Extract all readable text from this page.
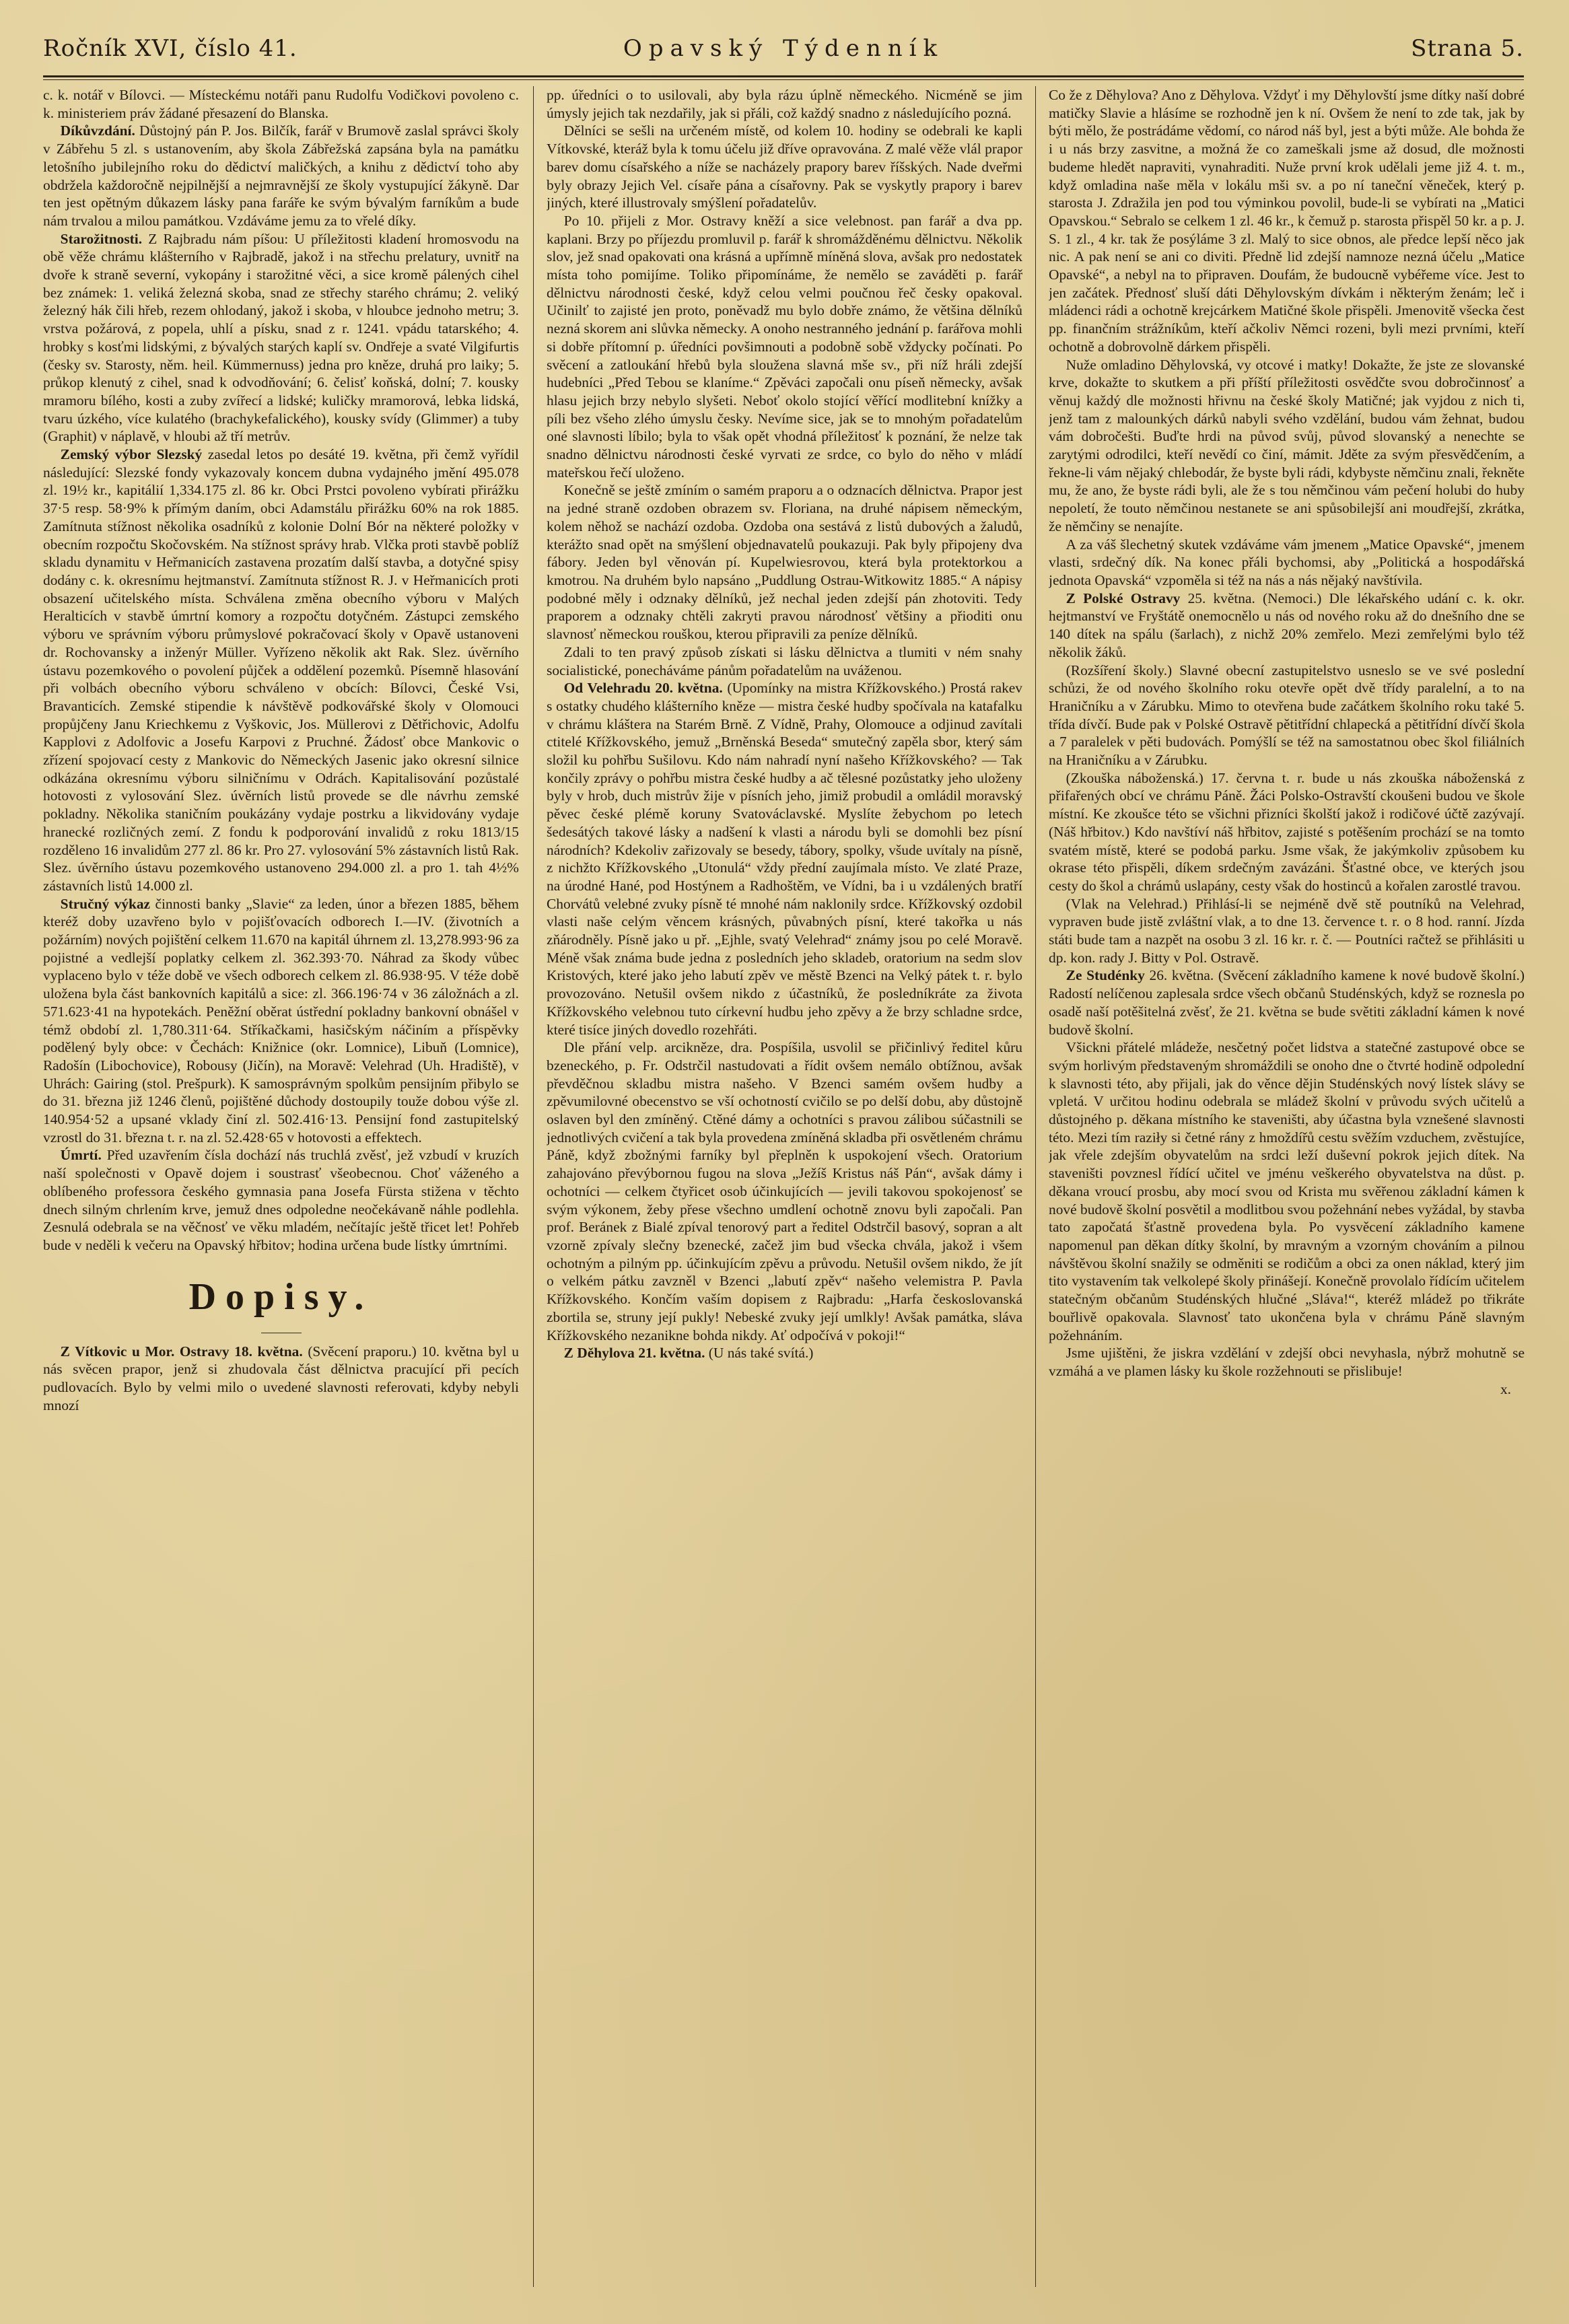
Ročník XVI, číslo 41.	Opavský Týdenník	Strana 5.

c. k. notář v Bílovci. — Místeckému notáři panu Rudolfu Vodičkovi povoleno c. k. ministeriem práv žádané přesazení do Blanska.

Díkůvzdání. Důstojný pán P. Jos. Bilčík, farář v Brumově zaslal správci školy v Zábřehu 5 zl. s ustanovením, aby škola Zábřežská zapsána byla na památku letošního jubilejního roku do dědictví maličkých, a knihu z dědictví toho aby obdržela každoročně nejpilnější a nejmravnější ze školy vystupující žákyně. Dar ten jest opětným důkazem lásky pana faráře ke svým bývalým farníkům a bude nám trvalou a milou památkou. Vzdáváme jemu za to vřelé díky.

Starožitnosti. Z Rajbradu nám píšou: U příležitosti kladení hromosvodu na obě věže chrámu klášterního v Rajbradě, jakož i na střechu prelatury, uvnitř na dvoře k straně severní, vykopány i starožitné věci, a sice kromě pálených cihel bez známek: 1. veliká železná skoba, snad ze střechy starého chrámu; 2. veliký železný hák čili hřeb, rezem ohlodaný, jakož i skoba, v hloubce jednoho metru; 3. vrstva požárová, z popela, uhlí a písku, snad z r. 1241. vpádu tatarského; 4. hrobky s kosťmi lidskými, z bývalých starých kaplí sv. Ondřeje a svaté Vilgifurtis (česky sv. Starosty, něm. heil. Kümmernuss) jedna pro kněze, druhá pro laiky; 5. průkop klenutý z cihel, snad k odvodňování; 6. čelisť koňská, dolní; 7. kousky mramoru bílého, kosti a zuby zvířecí a lidské; kuličky mramorová, lebka lidská, tvaru úzkého, více kulatého (brachykefalického), kousky svídy (Glimmer) a tuby (Graphit) v náplavě, v hloubi až tří metrův.

Zemský výbor Slezský zasedal letos po desáté 19. května, při čemž vyřídil následující: Slezské fondy vykazovaly koncem dubna vydajného jmění 495.078 zl. 19½ kr., kapitálií 1,334.175 zl. 86 kr. Obci Prstci povoleno vybírati přirážku 37·5 resp. 58·9% k přímým daním, obci Adamstálu přirážku 60% na rok 1885. Zamítnuta stížnost několika osadníků z kolonie Dolní Bór na některé položky v obecním rozpočtu Skočovském. Na stížnost správy hrab. Vlčka proti stavbě poblíž skladu dynamitu v Heřmanicích zastavena prozatím další stavba, a dotyčné spisy dodány c. k. okresnímu hejtmanství. Zamítnuta stížnost R. J. v Heřmanicích proti obsazení učitelského místa. Schválena změna obecního výboru v Malých Heralticích v stavbě úmrtní komory a rozpočtu dotyčném. Zástupci zemského výboru ve správním výboru průmyslové pokračovací školy v Opavě ustanoveni dr. Rochovansky a inženýr Müller. Vyřízeno několik akt Rak. Slez. úvěrního ústavu pozemkového o povolení půjček a oddělení pozemků. Písemně hlasování při volbách obecního výboru schváleno v obcích: Bílovci, České Vsi, Bravanticích. Zemské stipendie k návštěvě podkovářské školy v Olomouci propůjčeny Janu Kriechkemu z Vyškovic, Jos. Müllerovi z Dětřichovic, Adolfu Kapplovi z Adolfovic a Josefu Karpovi z Pruchné. Žádosť obce Mankovic o zřízení spojovací cesty z Mankovic do Německých Jasenic jako okresní silnice odkázána okresnímu výboru silničnímu v Odrách. Kapitalisování pozůstalé hotovosti z vylosování Slez. úvěrních listů provede se dle návrhu zemské pokladny. Několika staničním poukázány vydaje postrku a likvidovány vydaje hranecké rozličných zemí. Z fondu k podporování invalidů z roku 1813/15 rozděleno 16 invalidům 277 zl. 86 kr. Pro 27. vylosování 5% zástavních listů Rak. Slez. úvěrního ústavu pozemkového ustanoveno 294.000 zl. a pro 1. tah 4½% zástavních listů 14.000 zl.

Stručný výkaz činnosti banky „Slavie“ za leden, únor a březen 1885, během kteréž doby uzavřeno bylo v pojišťovacích odborech I.—IV. (životních a požárním) nových pojištění celkem 11.670 na kapitál úhrnem zl. 13,278.993·96 za pojistné a vedlejší poplatky celkem zl. 362.393·70. Náhrad za škody vůbec vyplaceno bylo v téže době ve všech odborech celkem zl. 86.938·95. V téže době uložena byla část bankovních kapitálů a sice: zl. 366.196·74 v 36 záložnách a zl. 571.623·41 na hypotekách. Peněžní oběrat ústřední pokladny bankovní obnášel v témž období zl. 1,780.311·64. Stříkačkami, hasičským náčiním a příspěvky podělený byly obce: v Čechách: Knižnice (okr. Lomnice), Libuň (Lomnice), Radošín (Libochovice), Robousy (Jičín), na Moravě: Velehrad (Uh. Hradiště), v Uhrách: Gairing (stol. Prešpurk). K samosprávným spolkům pensijním přibylo se do 31. března již 1246 členů, pojištěné důchody dostoupily touže dobou výše zl. 140.954·52 a upsané vklady činí zl. 502.416·13. Pensijní fond zastupitelský vzrostl do 31. března t. r. na zl. 52.428·65 v hotovosti a effektech.

Úmrtí. Před uzavřením čísla dochází nás truchlá zvěsť, jež vzbudí v kruzích naší společnosti v Opavě dojem i soustrasť všeobecnou. Choť váženého a oblíbeného professora českého gymnasia pana Josefa Fürsta stižena v těchto dnech silným chrlením krve, jemuž dnes odpoledne neočekávaně náhle podlehla. Zesnulá odebrala se na věčnosť ve věku mladém, nečítajíc ještě třicet let! Pohřeb bude v neděli k večeru na Opavský hřbitov; hodina určena bude lístky úmrtními.

Dopisy.

Z Vítkovic u Mor. Ostravy 18. května. (Svěcení praporu.) 10. května byl u nás svěcen prapor, jenž si zhudovala část dělnictva pracující při pecích pudlovacích. Bylo by velmi milo o uvedené slavnosti referovati, kdyby nebyli mnozí

pp. úředníci o to usilovali, aby byla rázu úplně německého. Nicméně se jim úmysly jejich tak nezdařily, jak si přáli, což každý snadno z následujícího pozná.

Dělníci se sešli na určeném místě, od kolem 10. hodiny se odebrali ke kapli Vítkovské, kteráž byla k tomu účelu již dříve opravována. Z malé věže vlál prapor barev domu císařského a níže se nacházely prapory barev říšských. Nade dveřmi byly obrazy Jejich Vel. císaře pána a císařovny. Pak se vyskytly prapory i barev jiných, které illustrovaly smýšlení pořadatelův.

Po 10. přijeli z Mor. Ostravy kněží a sice velebnost. pan farář a dva pp. kaplani. Brzy po příjezdu promluvil p. farář k shromážděnému dělnictvu. Několik slov, jež snad opakovati ona krásná a upřímně míněná slova, avšak pro nedostatek místa toho pomijíme. Toliko připomínáme, že nemělo se zaváděti p. farář dělnictvu národnosti české, když celou velmi poučnou řeč česky opakoval. Učinilť to zajisté jen proto, poněvadž mu bylo dobře známo, že většina dělníků nezná skorem ani slůvka německy. A onoho nestranného jednání p. farářova mohli si dobře přítomní p. úředníci povšimnouti a podobně sobě vždycky počínati. Po svěcení a zatloukání hřebů byla sloužena slavná mše sv., při níž hráli zdejší hudebníci „Před Tebou se klaníme.“ Zpěváci započali onu píseň německy, avšak hlasu jejich brzy nebylo slyšeti. Neboť okolo stojící věřící modlitební knížky a píli bez všeho zlého úmyslu česky. Nevíme sice, jak se to mnohým pořadatelům oné slavnosti líbilo; byla to však opět vhodná příležitosť k poznání, že nelze tak snadno dělnictvu národnosti české vyrvati ze srdce, co bylo do něho v mládí mateřskou řečí uloženo.

Konečně se ještě zmíním o samém praporu a o odznacích dělnictva. Prapor jest na jedné straně ozdoben obrazem sv. Floriana, na druhé nápisem německým, kolem něhož se nachází ozdoba. Ozdoba ona sestává z listů dubových a žaludů, kterážto snad opět na smýšlení objednavatelů poukazuji. Pak byly připojeny dva fábory. Jeden byl věnován pí. Kupelwiesrovou, která byla protektorkou a kmotrou. Na druhém bylo napsáno „Puddlung Ostrau-Witkowitz 1885.“ A nápisy podobné měly i odznaky dělníků, jež nechal jeden zdejší pán zhotoviti. Tedy praporem a odznaky chtěli zakryti pravou národnosť většiny a přioditi onu slavnosť německou rouškou, kterou připravili za peníze dělníků.

Zdali to ten pravý způsob získati si lásku dělnictva a tlumiti v ném snahy socialistické, ponecháváme pánům pořadatelům na uváženou.

Od Velehradu 20. května. (Upomínky na mistra Křížkovského.) Prostá rakev s ostatky chudého klášterního kněze — mistra české hudby spočívala na katafalku v chrámu kláštera na Starém Brně. Z Vídně, Prahy, Olomouce a odjinud zavítali ctitelé Křížkovského, jemuž „Brněnská Beseda“ smutečný zapěla sbor, který sám složil ku pohřbu Sušilovu. Kdo nám nahradí nyní našeho Křížkovského? — Tak končily zprávy o pohřbu mistra české hudby a ač tělesné pozůstatky jeho uloženy byly v hrob, duch mistrův žije v písních jeho, jimiž probudil a omládil moravský pěvec české plémě koruny Svatováclavské. Myslíte žebychom po letech šedesátých takové lásky a nadšení k vlasti a národu byli se domohli bez písní národních? Kdekoliv zařizovaly se besedy, tábory, spolky, všude uvítaly na písně, z nichžto Křížkovského „Utonulá“ vždy přední zaujímala místo. Ve zlaté Praze, na úrodné Hané, pod Hostýnem a Radhoštěm, ve Vídni, ba i u vzdálených bratří Chorvátů velebné zvuky písně té mnohé nám naklonily srdce. Křížkovský ozdobil vlasti naše celým věncem krásných, půvabných písní, které takořka u nás zňárodněly. Písně jako u př. „Ejhle, svatý Velehrad“ známy jsou po celé Moravě. Méně však známa bude jedna z posledních jeho skladeb, oratorium na sedm slov Kristových, které jako jeho labutí zpěv ve městě Bzenci na Velký pátek t. r. bylo provozováno. Netušil ovšem nikdo z účastníků, že posledníkráte za života Křížkovského velebnou tuto církevní hudbu jeho zpěvy a že brzy schladne srdce, které tisíce jiných dovedlo rozehřáti.

Dle přání velp. arcikněze, dra. Pospíšila, usvolil se přičinlivý ředitel kůru bzeneckého, p. Fr. Odstrčil nastudovati a řídit ovšem nemálo obtížnou, avšak převděčnou skladbu mistra našeho. V Bzenci samém ovšem hudby a zpěvumilovné obecenstvo se vší ochotností cvičilo se po delší dobu, aby důstojně oslaven byl den zmíněný. Ctěné dámy a ochotníci s pravou zálibou súčastnili se jednotlivých cvičení a tak byla provedena zmíněná skladba při osvětleném chrámu Páně, když zbožnými farníky byl přeplněn k uspokojení všech. Oratorium zahajováno převýbornou fugou na slova „Ježíš Kristus náš Pán“, avšak dámy i ochotníci — celkem čtyřicet osob účinkujících — jevili takovou spokojenosť se svým výkonem, žeby přese všechno umdlení ochotně znovu byli započali. Pan prof. Beránek z Bialé zpíval tenorový part a ředitel Odstrčil basový, sopran a alt vzorně zpívaly slečny bzenecké, začež jim bud všecka chvála, jakož i všem ochotným a pilným pp. účinkujícím zpěvu a průvodu. Netušil ovšem nikdo, že jít o velkém pátku zavzněl v Bzenci „labutí zpěv“ našeho velemistra P. Pavla Křížkovského. Končím vaším dopisem z Rajbradu: „Harfa českoslovanská zbortila se, struny její pukly! Nebeské zvuky její umlkly! Avšak památka, sláva Křížkovského nezanikne bohda nikdy. Ať odpočívá v pokoji!“

Z Děhylova 21. května. (U nás také svítá.)

Co že z Děhylova? Ano z Děhylova. Vždyť i my Děhylovští jsme dítky naší dobré matičky Slavie a hlásíme se rozhodně jen k ní. Ovšem že není to zde tak, jak by býti mělo, že postrádáme vědomí, co národ náš byl, jest a býti může. Ale bohda že i u nás brzy zasvitne, a možná že co zameškali jsme až dosud, dle možnosti budeme hledět napraviti, vynahraditi. Nuže první krok udělali jeme již 4. t. m., když omladina naše měla v lokálu mši sv. a po ní taneční věneček, který p. starosta J. Zdražila jen pod tou výminkou povolil, bude-li se vybírati na „Matici Opavskou.“ Sebralo se celkem 1 zl. 46 kr., k čemuž p. starosta přispěl 50 kr. a p. J. S. 1 zl., 4 kr. tak že posýláme 3 zl. Malý to sice obnos, ale předce lepší něco jak nic. A pak není se ani co diviti. Předně lid zdejší namnoze nezná účelu „Matice Opavské“, a nebyl na to připraven. Doufám, že budoucně vybéřeme více. Jest to jen začátek. Přednosť sluší dáti Děhylovským dívkám i některým ženám; leč i mládenci rádi a ochotně krejcárkem Matičné škole přispěli. Jmenovitě všecka čest pp. finančním strážníkům, kteří ačkoliv Němci rozeni, byli mezi prvními, kteří ochotně a dobrovolně dárkem přispěli.

Nuže omladino Děhylovská, vy otcové i matky! Dokažte, že jste ze slovanské krve, dokažte to skutkem a při příští příležitosti osvědčte svou dobročinnosť a věnuj každý dle možnosti hřivnu na české školy Matičné; jak vyjdou z nich ti, jenž tam z malounkých dárků nabyli svého vzdělání, budou vám žehnat, budou vám dobročešti. Buďte hrdi na původ svůj, původ slovanský a nenechte se zarytými odrodilci, kteří nevědí co činí, mámit. Jděte za svým přesvědčením, a řekne-li vám nějaký chlebodár, že byste byli rádi, kdybyste němčinu znali, řekněte mu, že ano, že byste rádi byli, ale že s tou němčinou vám pečení holubi do huby nepoletí, že touto němčinou nestanete se ani spůsobilejší ani moudřejší, zkrátka, že němčiny se nenajíte.

A za váš šlechetný skutek vzdáváme vám jmenem „Matice Opavské“, jmenem vlasti, srdečný dík. Na konec přáli bychomsi, aby „Politická a hospodářská jednota Opavská“ vzpoměla si též na nás a nás nějaký navštívila.

Z Polské Ostravy 25. května. (Nemoci.) Dle lékařského udání c. k. okr. hejtmanství ve Fryštátě onemocnělo u nás od nového roku až do dnešního dne se 140 dítek na spálu (šarlach), z nichž 20% zemřelo. Mezi zemřelými bylo též několik žáků.

(Rozšíření školy.) Slavné obecní zastupitelstvo usneslo se ve své poslední schůzi, že od nového školního roku otevře opět dvě třídy paralelní, a to na Hraničníku a v Zárubku. Mimo to otevřena bude začátkem školního roku také 5. třída dívčí. Bude pak v Polské Ostravě pětitřídní chlapecká a pětitřídní dívčí škola a 7 paralelek v pěti budovách. Pomýšlí se též na samostatnou obec škol filiálních na Hraničníku a v Zárubku.

(Zkouška náboženská.) 17. června t. r. bude u nás zkouška náboženská z přifařených obcí ve chrámu Páně. Žáci Polsko-Ostravští ckoušeni budou ve škole místní. Ke zkoušce této se všichni přizníci školští jakož i rodičové účtě zazývají. (Náš hřbitov.) Kdo navštíví náš hřbitov, zajisté s potěšením prochází se na tomto svatém místě, které se podobá parku. Jsme však, že jakýmkoliv způsobem ku okrase této přispěli, díkem srdečným zavázáni. Šťastné obce, ve kterých jsou cesty do škol a chrámů uslapány, cesty však do hostinců a kořalen zarostlé travou.

(Vlak na Velehrad.) Přihlásí-li se nejméně dvě stě poutníků na Velehrad, vypraven bude jistě zvláštní vlak, a to dne 13. července t. r. o 8 hod. ranní. Jízda státi bude tam a nazpět na osobu 3 zl. 16 kr. r. č. — Poutníci račtež se přihlásiti u dp. kon. rady J. Bitty v Pol. Ostravě.

Ze Studénky 26. května. (Svěcení základního kamene k nové budově školní.) Radostí nelíčenou zaplesala srdce všech občanů Studénských, když se roznesla po osadě naší potěšitelná zvěsť, že 21. května se bude světiti základní kámen k nové budově školní.

Všickni přátelé mládeže, nesčetný počet lidstva a statečné zastupové obce se svým horlivým představeným shromáždili se onoho dne o čtvrté hodině odpolední k slavnosti této, aby přijali, jak do věnce dějin Studénských nový lístek slávy se vpletá. V určitou hodinu odebrala se mládež školní v průvodu svých učitelů a důstojného p. děkana místního ke staveništi, aby účastna byla vznešené slavnosti této. Mezi tím raziły si četné rány z hmoždířů cestu svěžím vzduchem, zvěstujíce, jak vřele zdejším obyvatelům na srdci leží duševní pokrok jejich dítek. Na staveništi povznesl řídící učitel ve jménu veškerého obyvatelstva na důst. p. děkana vroucí prosbu, aby mocí svou od Krista mu svěřenou základní kámen k nové budově školní posvětil a modlitbou svou požehnání nebes vyžádal, by stavba tato započatá šťastně provedena byla. Po vysvěcení základního kamene napomenul pan děkan dítky školní, by mravným a vzorným chováním a pilnou návštěvou školní snažily se odměniti se rodičům a obci za onen náklad, který jim tito vystavením tak velkolepé školy přinášejí. Konečně provolalo řídícím učitelem statečným občanům Studénských hlučné „Sláva!“, kteréž mládež po třikráte bouřlivě opakovala. Slavnosť tato ukončena byla v chrámu Páně slavným požehnáním.

Jsme ujištěni, že jiskra vzdělání v zdejší obci nevyhasla, nýbrž mohutně se vzmáhá a ve plamen lásky ku škole rozžehnouti se přislibuje!

x.
